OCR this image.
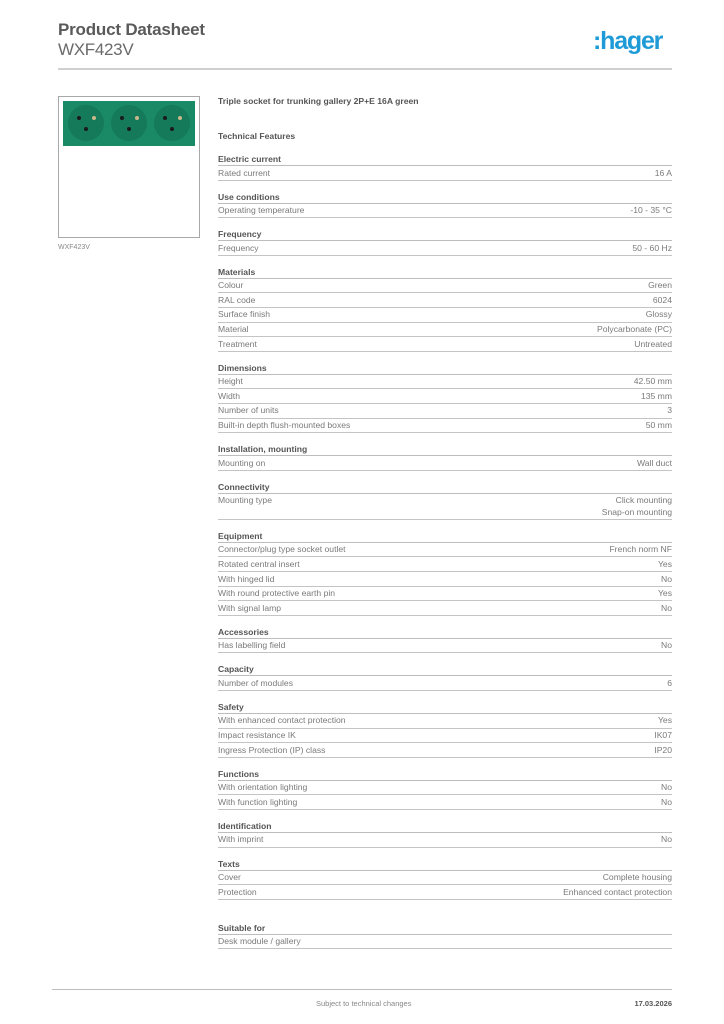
Product Datasheet
WXF423V	:hager
WXF423V
Triple socket for trunking gallery 2P+E 16A green
Technical Features
Electric current
Rated current	16 A
Use conditions
Operating temperature	-10 - 35 °C
Frequency
Frequency	50 - 60 Hz
Materials
Colour	Green
RAL code	6024
Surface finish	Glossy
Material	Polycarbonate (PC)
Treatment	Untreated
Dimensions
Height	42.50 mm
Width	135 mm
Number of units	3
Built-in depth flush-mounted boxes	50 mm
Installation, mounting
Mounting on	Wall duct
Connectivity
Mounting type	Click mounting
Snap-on mounting
Equipment
Connector/plug type socket outlet	French norm NF
Rotated central insert	Yes
With hinged lid	No
With round protective earth pin	Yes
With signal lamp	No
Accessories
Has labelling field	No
Capacity
Number of modules	6
Safety
With enhanced contact protection	Yes
Impact resistance IK	IK07
Ingress Protection (IP) class	IP20
Functions
With orientation lighting	No
With function lighting	No
Identification
With imprint	No
Texts
Cover	Complete housing
Protection	Enhanced contact protection
Suitable for
Desk module / gallery
Subject to technical changes	17.03.2026
